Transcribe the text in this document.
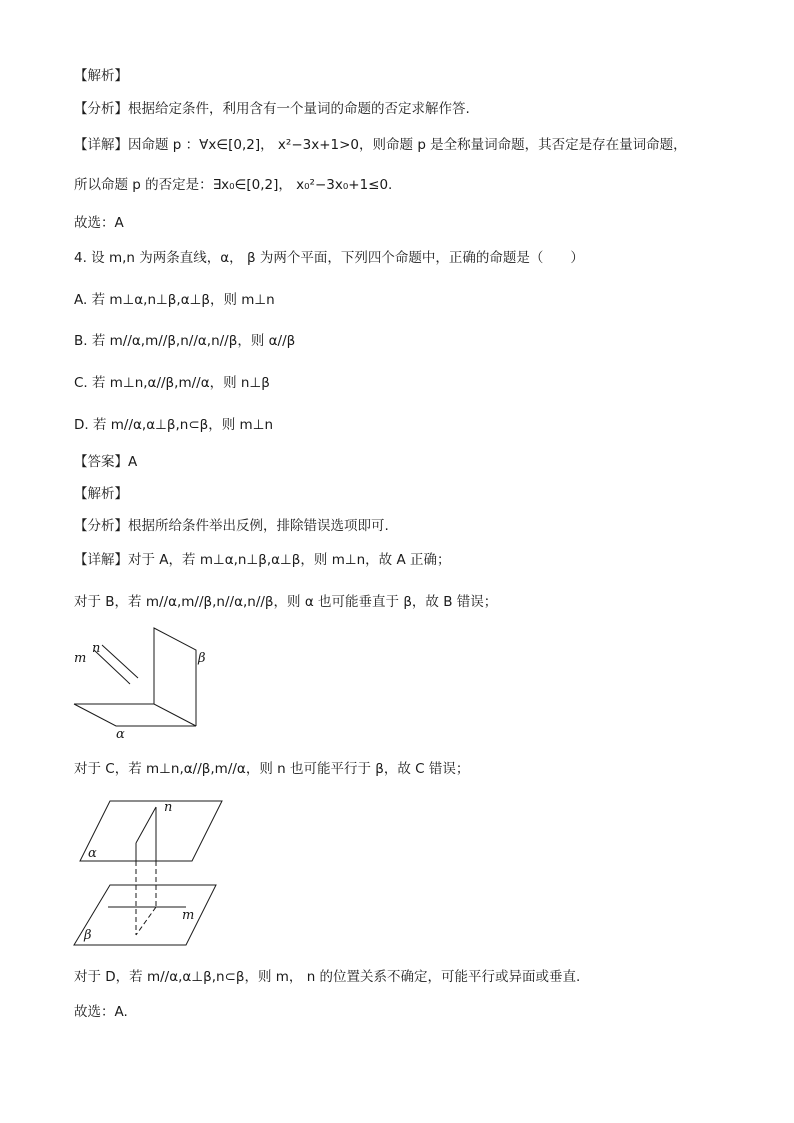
【解析】
【分析】根据给定条件，利用含有一个量词的命题的否定求解作答.
【详解】因命题 p ：∀x∈[0,2]， x²−3x+1>0，则命题 p 是全称量词命题，其否定是存在量词命题，
所以命题 p 的否定是：∃x₀∈[0,2]， x₀²−3x₀+1≤0.
故选：A
4. 设 m,n 为两条直线，α， β 为两个平面，下列四个命题中，正确的命题是（　　）
A. 若 m⊥α,n⊥β,α⊥β，则 m⊥n
B. 若 m//α,m//β,n//α,n//β，则 α//β
C. 若 m⊥n,α//β,m//α，则 n⊥β
D. 若 m//α,α⊥β,n⊂β，则 m⊥n
【答案】A
【解析】
【分析】根据所给条件举出反例，排除错误选项即可.
【详解】对于 A，若 m⊥α,n⊥β,α⊥β，则 m⊥n，故 A 正确；
对于 B，若 m//α,m//β,n//α,n//β，则 α 也可能垂直于 β，故 B 错误；
m
n
β
α
对于 C，若 m⊥n,α//β,m//α，则 n 也可能平行于 β，故 C 错误；
n
α
m
β
对于 D，若 m//α,α⊥β,n⊂β，则 m， n 的位置关系不确定，可能平行或异面或垂直.
故选：A.
